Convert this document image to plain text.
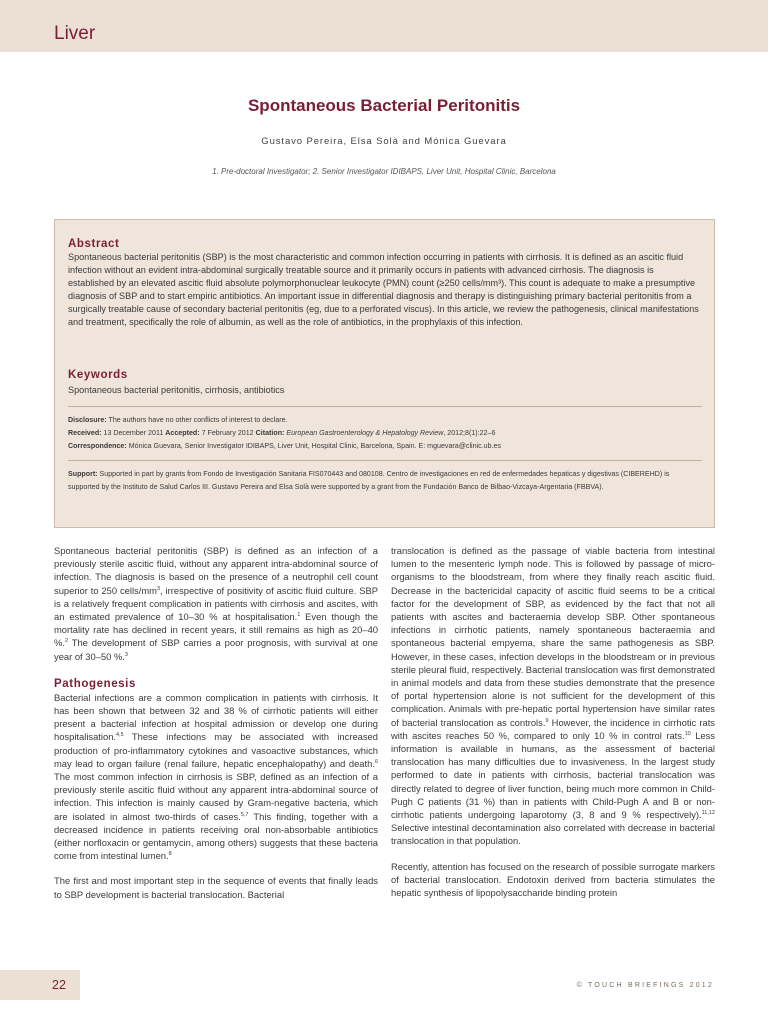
Liver
Spontaneous Bacterial Peritonitis
Gustavo Pereira, Elsa Solà and Mónica Guevara
1. Pre-doctoral Investigator; 2. Senior Investigator IDIBAPS, Liver Unit, Hospital Clinic, Barcelona
Abstract
Spontaneous bacterial peritonitis (SBP) is the most characteristic and common infection occurring in patients with cirrhosis. It is defined as an ascitic fluid infection without an evident intra-abdominal surgically treatable source and it primarily occurs in patients with advanced cirrhosis. The diagnosis is established by an elevated ascitic fluid absolute polymorphonuclear leukocyte (PMN) count (≥250 cells/mm³). This count is adequate to make a presumptive diagnosis of SBP and to start empiric antibiotics. An important issue in differential diagnosis and therapy is distinguishing primary bacterial peritonitis from a surgically treatable cause of secondary bacterial peritonitis (eg, due to a perforated viscus). In this article, we review the pathogenesis, clinical manifestations and treatment, specifically the role of albumin, as well as the role of antibiotics, in the prophylaxis of this infection.
Keywords
Spontaneous bacterial peritonitis, cirrhosis, antibiotics
Disclosure: The authors have no other conflicts of interest to declare.
Received: 13 December 2011 Accepted: 7 February 2012 Citation: European Gastroenterology & Hepatology Review, 2012;8(1):22–6
Correspondence: Mónica Guevara, Senior Investigator IDIBAPS, Liver Unit, Hospital Clinic, Barcelona, Spain. E: mguevara@clinic.ub.es
Support: Supported in part by grants from Fondo de Investigación Sanitaria FIS070443 and 080108. Centro de investigaciones en red de enfermedades hepaticas y digestivas (CIBEREHD) is supported by the Instituto de Salud Carlos III. Gustavo Pereira and Elsa Solà were supported by a grant from the Fundación Banco de Bilbao-Vizcaya-Argentaria (FBBVA).

Spontaneous bacterial peritonitis (SBP) is defined as an infection of a previously sterile ascitic fluid, without any apparent intra-abdominal source of infection. The diagnosis is based on the presence of a neutrophil cell count superior to 250 cells/$mm^3$, irrespective of positivity of ascitic fluid culture. SBP is a relatively frequent complication in patients with cirrhosis and ascites, with an estimated prevalence of 10–30 % at hospitalisation.$^1$ Even though the mortality rate has declined in recent years, it still remains as high as 20–40 %.$^2$ The development of SBP carries a poor prognosis, with survival at one year of 30–50 %.$^3$

Pathogenesis

Bacterial infections are a common complication in patients with cirrhosis. It has been shown that between 32 and 38 % of cirrhotic patients will either present a bacterial infection at hospital admission or develop one during hospitalisation.$^{4,5}$ These infections may be associated with increased production of pro-inflammatory cytokines and vasoactive substances, which may lead to organ failure (renal failure, hepatic encephalopathy) and death.$^6$ The most common infection in cirrhosis is SBP, defined as an infection of a previously sterile ascitic fluid without any apparent intra-abdominal source of infection. This infection is mainly caused by Gram-negative bacteria, which are isolated in almost two-thirds of cases.$^{5,7}$ This finding, together with a decreased incidence in patients receiving oral non-absorbable antibiotics (either norfloxacin or gentamycin, among others) suggests that these bacteria come from intestinal lumen.$^8$

The first and most important step in the sequence of events that finally leads to SBP development is bacterial translocation. Bacterial

translocation is defined as the passage of viable bacteria from intestinal lumen to the mesenteric lymph node. This is followed by passage of micro-organisms to the bloodstream, from where they finally reach ascitic fluid. Decrease in the bactericidal capacity of ascitic fluid seems to be a critical factor for the development of SBP, as evidenced by the fact that not all patients with ascites and bacteraemia develop SBP. Other spontaneous infections in cirrhotic patients, namely spontaneous bacteraemia and spontaneous bacterial empyema, share the same pathogenesis as SBP. However, in these cases, infection develops in the bloodstream or in previous sterile pleural fluid, respectively. Bacterial translocation was first demonstrated in animal models and data from these studies demonstrate that the presence of portal hypertension alone is not sufficient for the development of this complication. Animals with pre-hepatic portal hypertension have similar rates of bacterial translocation as controls.$^9$ However, the incidence in cirrhotic rats with ascites reaches 50 %, compared to only 10 % in control rats.$^{10}$ Less information is available in humans, as the assessment of bacterial translocation has many difficulties due to invasiveness. In the largest study performed to date in patients with cirrhosis, bacterial translocation was directly related to degree of liver function, being much more common in Child-Pugh C patients (31 %) than in patients with Child-Pugh A and B or non-cirrhotic patients undergoing laparotomy (3, 8 and 9 % respectively).$^{11,12}$ Selective intestinal decontamination also correlated with decrease in bacterial translocation in that population.

Recently, attention has focused on the research of possible surrogate markers of bacterial translocation. Endotoxin derived from bacteria stimulates the hepatic synthesis of lipopolysaccharide binding protein

22	© TOUCH BRIEFINGS 2012
